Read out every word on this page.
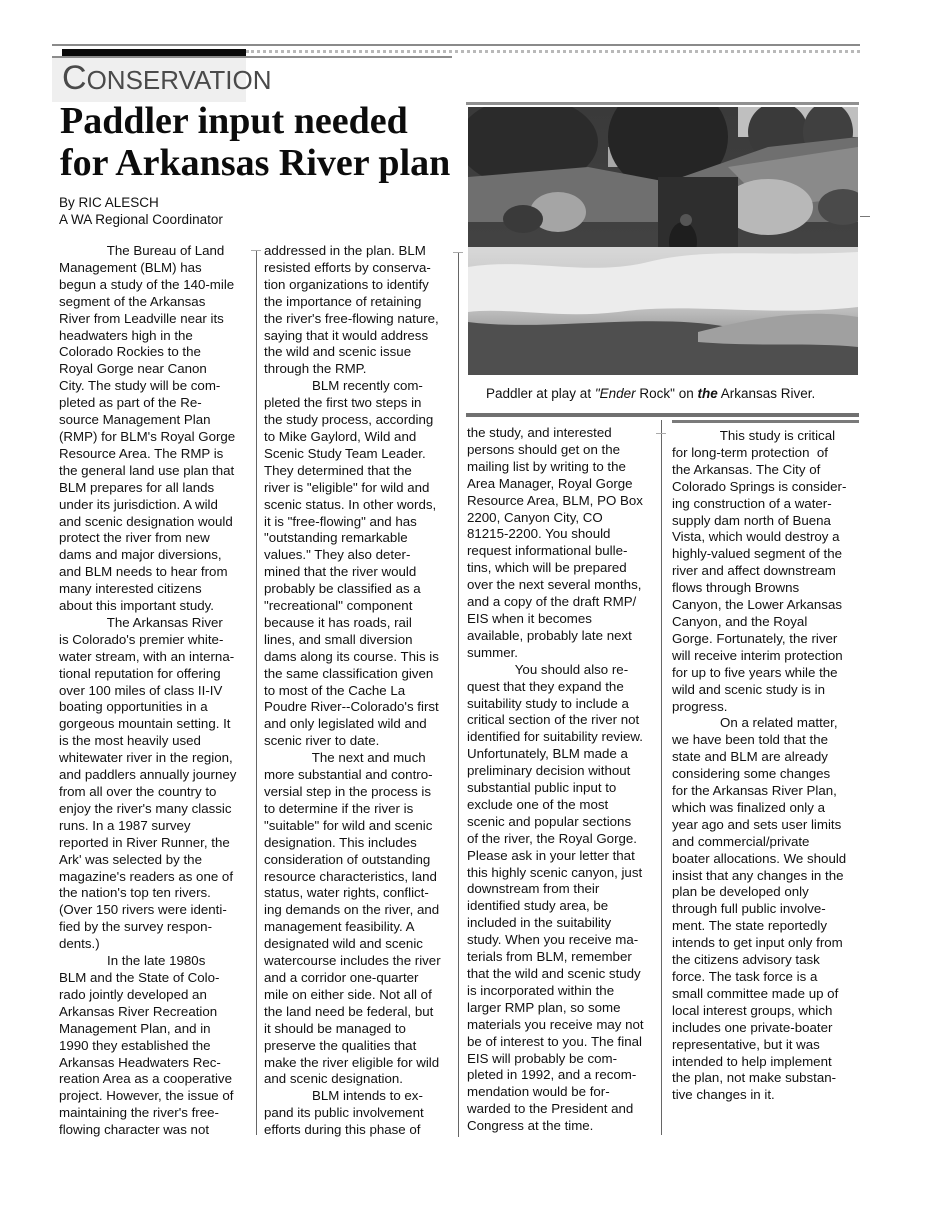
CONSERVATION
Paddler input needed
for Arkansas River plan
By RIC ALESCH
A WA Regional Coordinator
Paddler at play at "Ender Rock" on the Arkansas River.
The Bureau of Land
Management (BLM) has
begun a study of the 140-mile
segment of the Arkansas
River from Leadville near its
headwaters high in the
Colorado Rockies to the
Royal Gorge near Canon
City. The study will be com-
pleted as part of the Re-
source Management Plan
(RMP) for BLM's Royal Gorge
Resource Area. The RMP is
the general land use plan that
BLM prepares for all lands
under its jurisdiction. A wild
and scenic designation would
protect the river from new
dams and major diversions,
and BLM needs to hear from
many interested citizens
about this important study.
The Arkansas River
is Colorado's premier white-
water stream, with an interna-
tional reputation for offering
over 100 miles of class II-IV
boating opportunities in a
gorgeous mountain setting. It
is the most heavily used
whitewater river in the region,
and paddlers annually journey
from all over the country to
enjoy the river's many classic
runs. In a 1987 survey
reported in River Runner, the
Ark' was selected by the
magazine's readers as one of
the nation's top ten rivers.
(Over 150 rivers were identi-
fied by the survey respon-
dents.)
In the late 1980s
BLM and the State of Colo-
rado jointly developed an
Arkansas River Recreation
Management Plan, and in
1990 they established the
Arkansas Headwaters Rec-
reation Area as a cooperative
project. However, the issue of
maintaining the river's free-
flowing character was not
addressed in the plan. BLM
resisted efforts by conserva-
tion organizations to identify
the importance of retaining
the river's free-flowing nature,
saying that it would address
the wild and scenic issue
through the RMP.
BLM recently com-
pleted the first two steps in
the study process, according
to Mike Gaylord, Wild and
Scenic Study Team Leader.
They determined that the
river is "eligible" for wild and
scenic status. In other words,
it is "free-flowing" and has
"outstanding remarkable
values." They also deter-
mined that the river would
probably be classified as a
"recreational" component
because it has roads, rail
lines, and small diversion
dams along its course. This is
the same classification given
to most of the Cache La
Poudre River--Colorado's first
and only legislated wild and
scenic river to date.
The next and much
more substantial and contro-
versial step in the process is
to determine if the river is
"suitable" for wild and scenic
designation. This includes
consideration of outstanding
resource characteristics, land
status, water rights, conflict-
ing demands on the river, and
management feasibility. A
designated wild and scenic
watercourse includes the river
and a corridor one-quarter
mile on either side. Not all of
the land need be federal, but
it should be managed to
preserve the qualities that
make the river eligible for wild
and scenic designation.
BLM intends to ex-
pand its public involvement
efforts during this phase of
the study, and interested
persons should get on the
mailing list by writing to the
Area Manager, Royal Gorge
Resource Area, BLM, PO Box
2200, Canyon City, CO
81215-2200. You should
request informational bulle-
tins, which will be prepared
over the next several months,
and a copy of the draft RMP/
EIS when it becomes
available, probably late next
summer.
You should also re-
quest that they expand the
suitability study to include a
critical section of the river not
identified for suitability review.
Unfortunately, BLM made a
preliminary decision without
substantial public input to
exclude one of the most
scenic and popular sections
of the river, the Royal Gorge.
Please ask in your letter that
this highly scenic canyon, just
downstream from their
identified study area, be
included in the suitability
study. When you receive ma-
terials from BLM, remember
that the wild and scenic study
is incorporated within the
larger RMP plan, so some
materials you receive may not
be of interest to you. The final
EIS will probably be com-
pleted in 1992, and a recom-
mendation would be for-
warded to the President and
Congress at the time.
This study is critical
for long-term protection  of
the Arkansas. The City of
Colorado Springs is consider-
ing construction of a water-
supply dam north of Buena
Vista, which would destroy a
highly-valued segment of the
river and affect downstream
flows through Browns
Canyon, the Lower Arkansas
Canyon, and the Royal
Gorge. Fortunately, the river
will receive interim protection
for up to five years while the
wild and scenic study is in
progress.
On a related matter,
we have been told that the
state and BLM are already
considering some changes
for the Arkansas River Plan,
which was finalized only a
year ago and sets user limits
and commercial/private
boater allocations. We should
insist that any changes in the
plan be developed only
through full public involve-
ment. The state reportedly
intends to get input only from
the citizens advisory task
force. The task force is a
small committee made up of
local interest groups, which
includes one private-boater
representative, but it was
intended to help implement
the plan, not make substan-
tive changes in it.
